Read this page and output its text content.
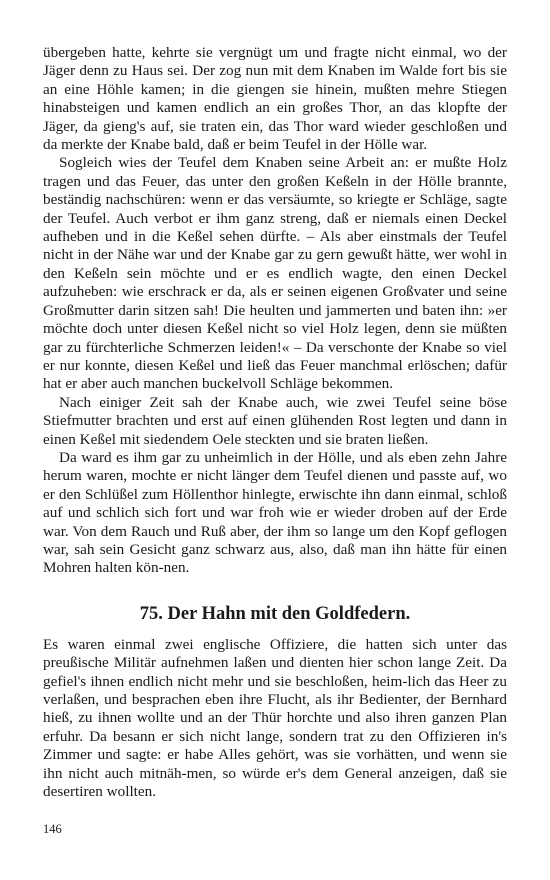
übergeben hatte, kehrte sie vergnügt um und fragte nicht einmal, wo der Jäger denn zu Haus sei. Der zog nun mit dem Knaben im Walde fort bis sie an eine Höhle kamen; in die giengen sie hinein, mußten mehre Stiegen hinabsteigen und kamen endlich an ein großes Thor, an das klopfte der Jäger, da gieng's auf, sie traten ein, das Thor ward wieder geschloßen und da merkte der Knabe bald, daß er beim Teufel in der Hölle war.

Sogleich wies der Teufel dem Knaben seine Arbeit an: er mußte Holz tragen und das Feuer, das unter den großen Keßeln in der Hölle brannte, beständig nachschüren: wenn er das versäumte, so kriegte er Schläge, sagte der Teufel. Auch verbot er ihm ganz streng, daß er niemals einen Deckel aufheben und in die Keßel sehen dürfte. – Als aber einstmals der Teufel nicht in der Nähe war und der Knabe gar zu gern gewußt hätte, wer wohl in den Keßeln sein möchte und er es endlich wagte, den einen Deckel aufzuheben: wie erschrack er da, als er seinen eigenen Großvater und seine Großmutter darin sitzen sah! Die heulten und jammerten und baten ihn: »er möchte doch unter diesen Keßel nicht so viel Holz legen, denn sie müßten gar zu fürchterliche Schmerzen leiden!« – Da verschonte der Knabe so viel er nur konnte, diesen Keßel und ließ das Feuer manchmal erlöschen; dafür hat er aber auch manchen buckelvoll Schläge bekommen.

Nach einiger Zeit sah der Knabe auch, wie zwei Teufel seine böse Stiefmutter brachten und erst auf einen glühenden Rost legten und dann in einen Keßel mit siedendem Oele steckten und sie braten ließen.

Da ward es ihm gar zu unheimlich in der Hölle, und als eben zehn Jahre herum waren, mochte er nicht länger dem Teufel dienen und passte auf, wo er den Schlüßel zum Höllenthor hinlegte, erwischte ihn dann einmal, schloß auf und schlich sich fort und war froh wie er wieder droben auf der Erde war. Von dem Rauch und Ruß aber, der ihm so lange um den Kopf geflogen war, sah sein Gesicht ganz schwarz aus, also, daß man ihn hätte für einen Mohren halten kön-nen.

75. Der Hahn mit den Goldfedern.

Es waren einmal zwei englische Offiziere, die hatten sich unter das preußische Militär aufnehmen laßen und dienten hier schon lange Zeit. Da gefiel's ihnen endlich nicht mehr und sie beschloßen, heim-lich das Heer zu verlaßen, und besprachen eben ihre Flucht, als ihr Bedienter, der Bernhard hieß, zu ihnen wollte und an der Thür horchte und also ihren ganzen Plan erfuhr. Da besann er sich nicht lange, sondern trat zu den Offizieren in's Zimmer und sagte: er habe Alles gehört, was sie vorhätten, und wenn sie ihn nicht auch mitnäh-men, so würde er's dem General anzeigen, daß sie desertiren wollten.

146
